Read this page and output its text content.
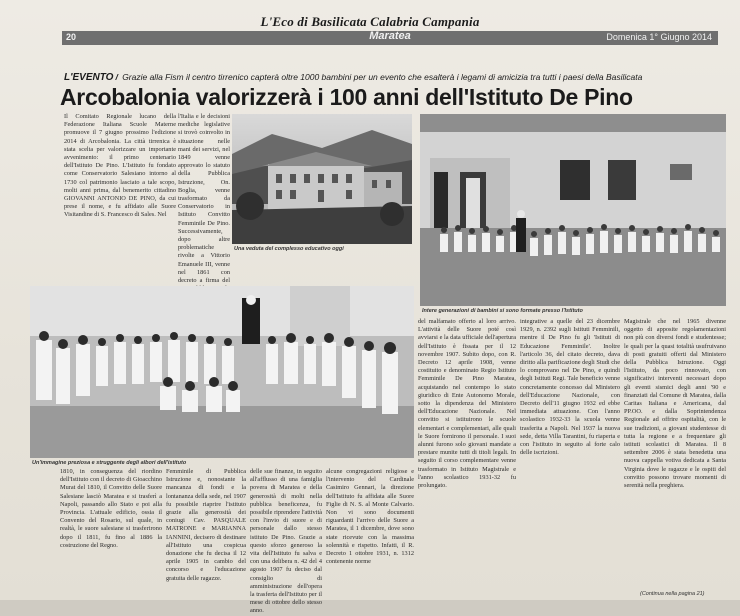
L'Eco di Basilicata Calabria Campania
20	Maratea	Domenica 1° Giugno 2014
L'EVENTO / Grazie alla Fism il centro tirrenico capterà oltre 1000 bambini per un evento che esalterà i legami di amicizia tra tutti i paesi della Basilicata
Arcobalonia valorizzerà i 100 anni dell'Istituto De Pino

Il Comitato Regionale lucano della Federazione Italiana Scuole Materne promuove il 7 giugno prossimo l'edizione 2014 di Arcobalonia. La città tirrenica è stata scelta per valorizzare un importante avvenimento: il primo centenario dell'Istituto De Pino. L'Istituto fu fondato come Conservatorio Salesiano intorno al 1730 col patrimonio lasciato a tale scopo, molti anni prima, dal benemerito cittadino GIOVANNI ANTONIO DE PINO, da cui prese il nome, e fu affidato alle Suore Visitandine di S. Francesco di Sales. Nel

l'Italia e le decisioni mediche legislative si trovò coinvolto in situazione nelle mani dei servizi, nel 1849 venne approvato lo statuto della Pubblica Istruzione, On. Boglia, venne trasformato da Conservatorio in Istituto Convitto Femminile De Pino. Successivamente, dopo altre problematiche rivolte a Vittorio Emanuele III, venne nel 1861 con decreto a firma del

Una veduta del complesso educativo oggi
Intere generazioni di bambini si sono formate presso l'Istituto
Un'immagine preziosa e struggente degli albori dell'istituto

del malfamato offerto al loro arrivo. L'attività delle Suore poté così avviarsi e la data ufficiale dell'apertura dell'Istituto è fissata per il 12 novembre 1907. Subito dopo, con R. Decreto 12 aprile 1908, venne costituito e denominato Regio Istituto Femminile De Pino Maratea, acquistando nel contempo lo stato giuridico di Ente Autonomo Morale, sotto la dipendenza del Ministero dell'Educazione Nazionale. Nel convitto si istituirono le scuole elementari e complementari, alle quali le Suore fornirono il personale. I suoi alunni furono solo giovani mandate a prestare munite tutti di titoli legali. In seguito il corso complementare venne trasformato in Istituto Magistrale e l'anno scolastico 1931-32 fu prolungato.

integrative a quelle del 23 dicembre 1929, n. 2392 sugli Istituti Femminili, mentre il De Pino fu gli 'Istituti di Educazione Femminile'. Inoltre l'articolo 36, del citato decreto, dava diritto alla parificazione degli Studi che lo comprovano nel De Pino, e quindi degli Istituti Regi. Tale beneficio venne concretamente concesso dal Ministero dell'Educazione Nazionale, con Decreto dell'11 giugno 1932 ed ebbe immediata attuazione. Con l'anno scolastico 1932-33 la scuola venne trasferita a Napoli. Nel 1937 la nuova sede, detta Villa Tarantini, fu riaperta e con l'istituto in seguito al forte calo delle iscrizioni.

Magistrale che nel 1965 divenne oggetto di apposite regolamentazioni non più con diversi fondi e studentesse; le quali per la quasi totalità usufruivano di posti gratuiti offerti dal Ministero della Pubblica Istruzione. Oggi l'Istituto, da poco rinnovato, con significativi interventi necessari dopo gli eventi sismici degli anni '90 e finanziati dal Comune di Maratea, dalla Caritas Italiana e Americana, dal PP.OO. e dalla Soprintendenza Regionale ad offrire ospitalità, con le sue tradizioni, a giovani studentesse di tutta la regione e a frequentare gli istituti scolastici di Maratea. Il 8 settembre 2006 è stata benedetta una nuova cappella votiva dedicata a Santa Virginia dove le ragazze e le ospiti del convitto possono trovare momenti di serenità nella preghiera.

1810, in conseguenza del riordino dell'Istituto con il decreto di Gioacchino Murat del 1810, il Convitto delle Suore Salesiane lasciò Maratea e si trasferì a Napoli, passando allo Stato e poi alla Provincia. L'attuale edificio, ossia il Convento del Rosario, sul quale, in realtà, le suore salesiane si trasferirono dopo il 1811, fu fino al 1886 la costruzione del Regno.

Femminile di Pubblica Istruzione e, nonostante la mancanza di fondi e la lontananza della sede, nel 1907 fu possibile riaprire l'istituto grazie alla generosità dei coniugi Cav. PASQUALE MATRONE e MARIANNA IANNINI, decisero di destinare all'Istituto una cospicua donazione che fu decisa il 12 aprile 1905 in cambio del concorso e l'educazione gratuita delle ragazze.

delle sue finanze, in seguito all'afflusso di una famiglia povera di Maratea e della generosità di molti nella pubblica beneficenza, fu possibile riprendere l'attività con l'invio di suore e di personale dallo stesso istituto De Pino. Grazie a questo sforzo generoso la vita dell'Istituto fu salva e con una delibera n. 42 del 4 agosto 1907 fu deciso dal consiglio di amministrazione dell'opera la trasferta dell'Istituto per il mese di ottobre dello stesso anno.

alcune congregazioni religiose e l'intervento del Cardinale Casimiro Gennari, la direzione dell'Istituto fu affidata alle Suore Figlie di N. S. al Monte Calvario. Non vi sono documenti riguardanti l'arrivo delle Suore a Maratea, il 1 dicembre, dove sono state ricevute con la massima solennità e rispetto. Infatti, il R. Decreto 1 ottobre 1931, n. 1312 contenente norme

(Continua nella pagina 21)
